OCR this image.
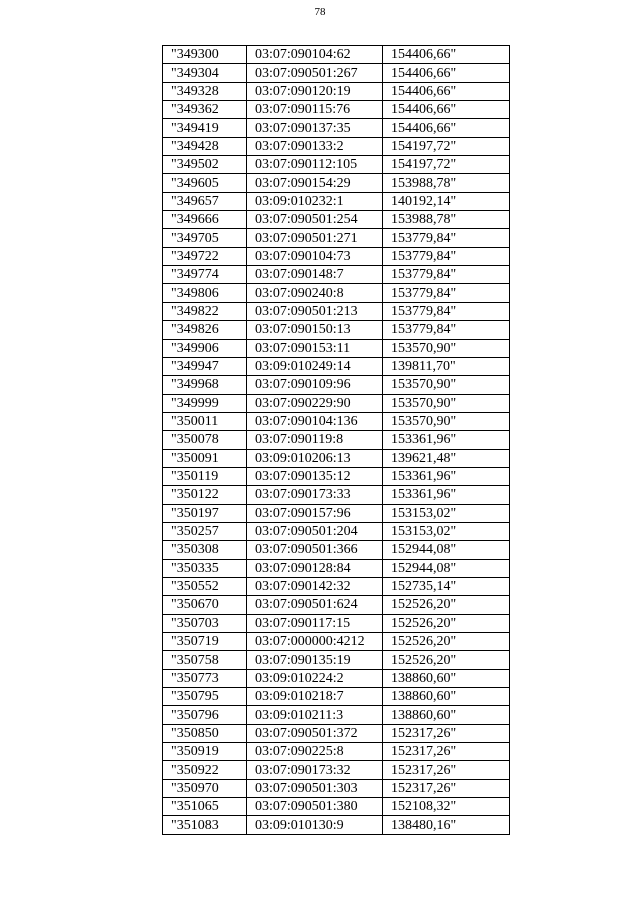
78
"349300	03:07:090104:62	154406,66"
"349304	03:07:090501:267	154406,66"
"349328	03:07:090120:19	154406,66"
"349362	03:07:090115:76	154406,66"
"349419	03:07:090137:35	154406,66"
"349428	03:07:090133:2	154197,72"
"349502	03:07:090112:105	154197,72"
"349605	03:07:090154:29	153988,78"
"349657	03:09:010232:1	140192,14"
"349666	03:07:090501:254	153988,78"
"349705	03:07:090501:271	153779,84"
"349722	03:07:090104:73	153779,84"
"349774	03:07:090148:7	153779,84"
"349806	03:07:090240:8	153779,84"
"349822	03:07:090501:213	153779,84"
"349826	03:07:090150:13	153779,84"
"349906	03:07:090153:11	153570,90"
"349947	03:09:010249:14	139811,70"
"349968	03:07:090109:96	153570,90"
"349999	03:07:090229:90	153570,90"
"350011	03:07:090104:136	153570,90"
"350078	03:07:090119:8	153361,96"
"350091	03:09:010206:13	139621,48"
"350119	03:07:090135:12	153361,96"
"350122	03:07:090173:33	153361,96"
"350197	03:07:090157:96	153153,02"
"350257	03:07:090501:204	153153,02"
"350308	03:07:090501:366	152944,08"
"350335	03:07:090128:84	152944,08"
"350552	03:07:090142:32	152735,14"
"350670	03:07:090501:624	152526,20"
"350703	03:07:090117:15	152526,20"
"350719	03:07:000000:4212	152526,20"
"350758	03:07:090135:19	152526,20"
"350773	03:09:010224:2	138860,60"
"350795	03:09:010218:7	138860,60"
"350796	03:09:010211:3	138860,60"
"350850	03:07:090501:372	152317,26"
"350919	03:07:090225:8	152317,26"
"350922	03:07:090173:32	152317,26"
"350970	03:07:090501:303	152317,26"
"351065	03:07:090501:380	152108,32"
"351083	03:09:010130:9	138480,16"
